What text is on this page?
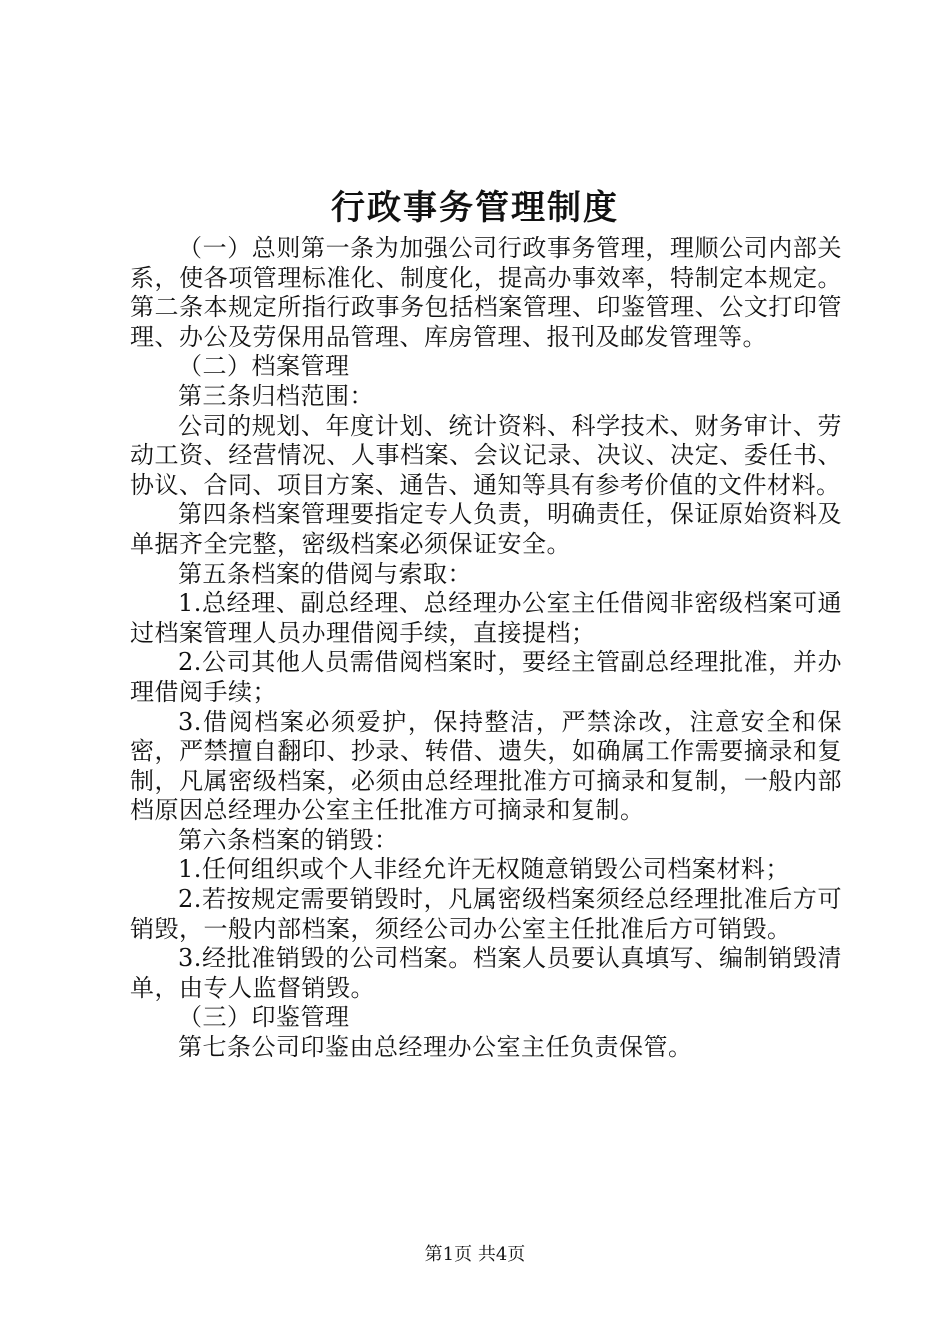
行政事务管理制度

（一）总则第一条为加强公司行政事务管理，理顺公司内部关系，使各项管理标准化、制度化，提高办事效率，特制定本规定。第二条本规定所指行政事务包括档案管理、印鉴管理、公文打印管理、办公及劳保用品管理、库房管理、报刊及邮发管理等。

（二）档案管理

第三条归档范围：

公司的规划、年度计划、统计资料、科学技术、财务审计、劳动工资、经营情况、人事档案、会议记录、决议、决定、委任书、协议、合同、项目方案、通告、通知等具有参考价值的文件材料。

第四条档案管理要指定专人负责，明确责任，保证原始资料及单据齐全完整，密级档案必须保证安全。

第五条档案的借阅与索取：

1.总经理、副总经理、总经理办公室主任借阅非密级档案可通过档案管理人员办理借阅手续，直接提档；

2.公司其他人员需借阅档案时，要经主管副总经理批准，并办理借阅手续；

3.借阅档案必须爱护，保持整洁，严禁涂改，注意安全和保密，严禁擅自翻印、抄录、转借、遗失，如确属工作需要摘录和复制，凡属密级档案，必须由总经理批准方可摘录和复制，一般内部档原因总经理办公室主任批准方可摘录和复制。

第六条档案的销毁：

1.任何组织或个人非经允许无权随意销毁公司档案材料；

2.若按规定需要销毁时，凡属密级档案须经总经理批准后方可销毁，一般内部档案，须经公司办公室主任批准后方可销毁。

3.经批准销毁的公司档案。档案人员要认真填写、编制销毁清单，由专人监督销毁。

（三）印鉴管理

第七条公司印鉴由总经理办公室主任负责保管。

第1页 共4页
